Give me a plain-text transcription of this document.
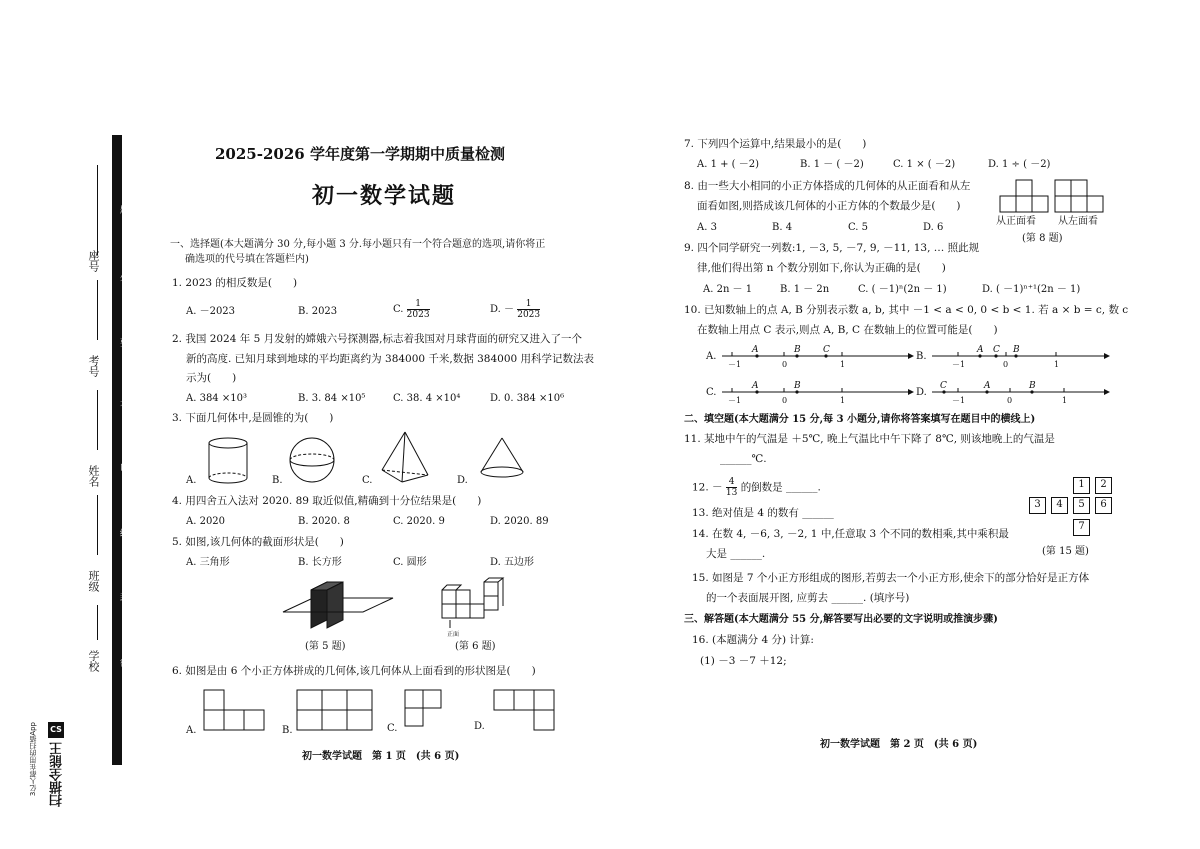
题
答
要
不
内
线
封
密
座号
考号
姓名
班级
学校
CS
扫描全能王
3亿人都在用的扫描App
2025-2026 学年度第一学期期中质量检测
初一数学试题
一、选择题(本大题满分 30 分,每小题 3 分.每小题只有一个符合题意的选项,请你将正
确选项的代号填在答题栏内)
1. 2023 的相反数是(　　)
A. －2023	B. 2023	C. $\frac{1}{2023}$	D. － $\frac{1}{2023}$
2. 我国 2024 年 5 月发射的嫦娥六号探测器,标志着我国对月球背面的研究又进入了一个
新的高度. 已知月球到地球的平均距离约为 384000 千米,数据 384000 用科学记数法表
示为(　　)
A. 384 ×10³	B. 3. 84 ×10⁵	C. 38. 4 ×10⁴	D. 0. 384 ×10⁶
3. 下面几何体中,是圆锥的为(　　)
A.	B.	C.	D.
4. 用四舍五入法对 2020. 89 取近似值,精确到十分位结果是(　　)
A. 2020	B. 2020. 8	C. 2020. 9	D. 2020. 89
5. 如图,该几何体的截面形状是(　　)
A. 三角形	B. 长方形	C. 圆形	D. 五边形
(第 5 题)
正面
(第 6 题)
6. 如图是由 6 个小正方体拼成的几何体,该几何体从上面看到的形状图是(　　)
A.	B.	C.	D.
初一数学试题　第 1 页　(共 6 页)
7. 下列四个运算中,结果最小的是(　　)
A. 1 + ( －2)	B. 1 － ( －2)	C. 1 × ( －2)	D. 1 ÷ ( －2)
8. 由一些大小相同的小正方体搭成的几何体的从正面看和从左
面看如图,则搭成该几何体的小正方体的个数最少是(　　)
A. 3	B. 4	C. 5	D. 6
从正面看 从左面看
(第 8 题)
9. 四个同学研究一列数:1, －3, 5, －7, 9, －11, 13, … 照此规
律,他们得出第 n 个数分别如下,你认为正确的是(　　)
A. 2n － 1	B. 1 － 2n	C. ( －1)ⁿ(2n － 1)	D. ( －1)ⁿ⁺¹(2n － 1)
10. 已知数轴上的点 A, B 分别表示数 a, b, 其中 －1 < a < 0, 0 < b < 1. 若 a × b = c, 数 c
在数轴上用点 C 表示,则点 A, B, C 在数轴上的位置可能是(　　)
A.
A	B C
－1	0	1
B.
A C B
－1	0	1
C.
A	B
－1	0	1
D.
C	A	B
－1	0	1
二、填空题(本大题满分 15 分,每 3 小题分,请你将答案填写在题目中的横线上)
11. 某地中午的气温是 ＋5℃, 晚上气温比中午下降了 8℃, 则该地晚上的气温是
______℃.
12. － $\frac{4}{13}$ 的倒数是 ______.
13. 绝对值是 4 的数有 ______
14. 在数 4, －6, 3, －2, 1 中,任意取 3 个不同的数相乘,其中乘积最
大是 ______.
1	2
3	4	5	6
7
(第 15 题)
15. 如图是 7 个小正方形组成的图形,若剪去一个小正方形,使余下的部分恰好是正方体
的一个表面展开图, 应剪去 ______. (填序号)
三、解答题(本大题满分 55 分,解答要写出必要的文字说明或推演步骤)
16. (本题满分 4 分) 计算:
(1) －3 －7 ＋12;
初一数学试题　第 2 页　(共 6 页)
